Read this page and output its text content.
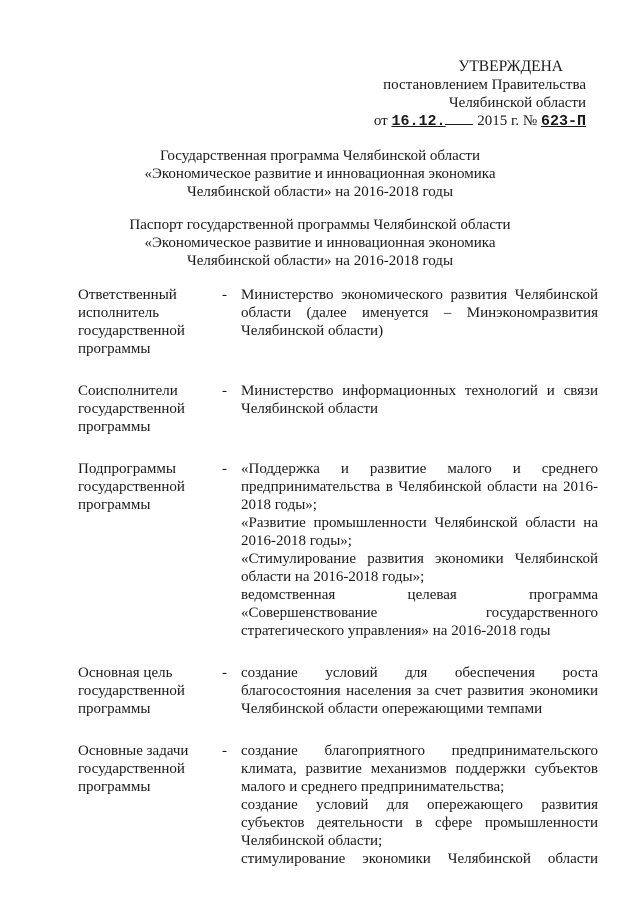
УТВЕРЖДЕНА
постановлением Правительства
Челябинской области
от 16.12. 2015 г. № 623-П
Государственная программа Челябинской области
«Экономическое развитие и инновационная экономика
Челябинской области» на 2016-2018 годы
Паспорт государственной программы Челябинской области
«Экономическое развитие и инновационная экономика
Челябинской области» на 2016-2018 годы
Ответственный исполнитель государственной программы
- Министерство экономического развития Челябинской области (далее именуется – Минэкономразвития Челябинской области)

Соисполнители государственной программы
- Министерство информационных технологий и связи Челябинской области

Подпрограммы государственной программы
- «Поддержка и развитие малого и среднего предпринимательства в Челябинской области на 2016-2018 годы»;

«Развитие промышленности Челябинской области на 2016-2018 годы»;

«Стимулирование развития экономики Челябинской области на 2016-2018 годы»;

ведомственная целевая программа «Совершенствование государственного стратегического управления» на 2016-2018 годы

Основная цель государственной программы
- создание условий для обеспечения роста благосостояния населения за счет развития экономики Челябинской области опережающими темпами

Основные задачи государственной программы
- создание благоприятного предпринимательского климата, развитие механизмов поддержки субъектов малого и среднего предпринимательства;

создание условий для опережающего развития субъектов деятельности в сфере промышленности Челябинской области;

стимулирование экономики Челябинской области
